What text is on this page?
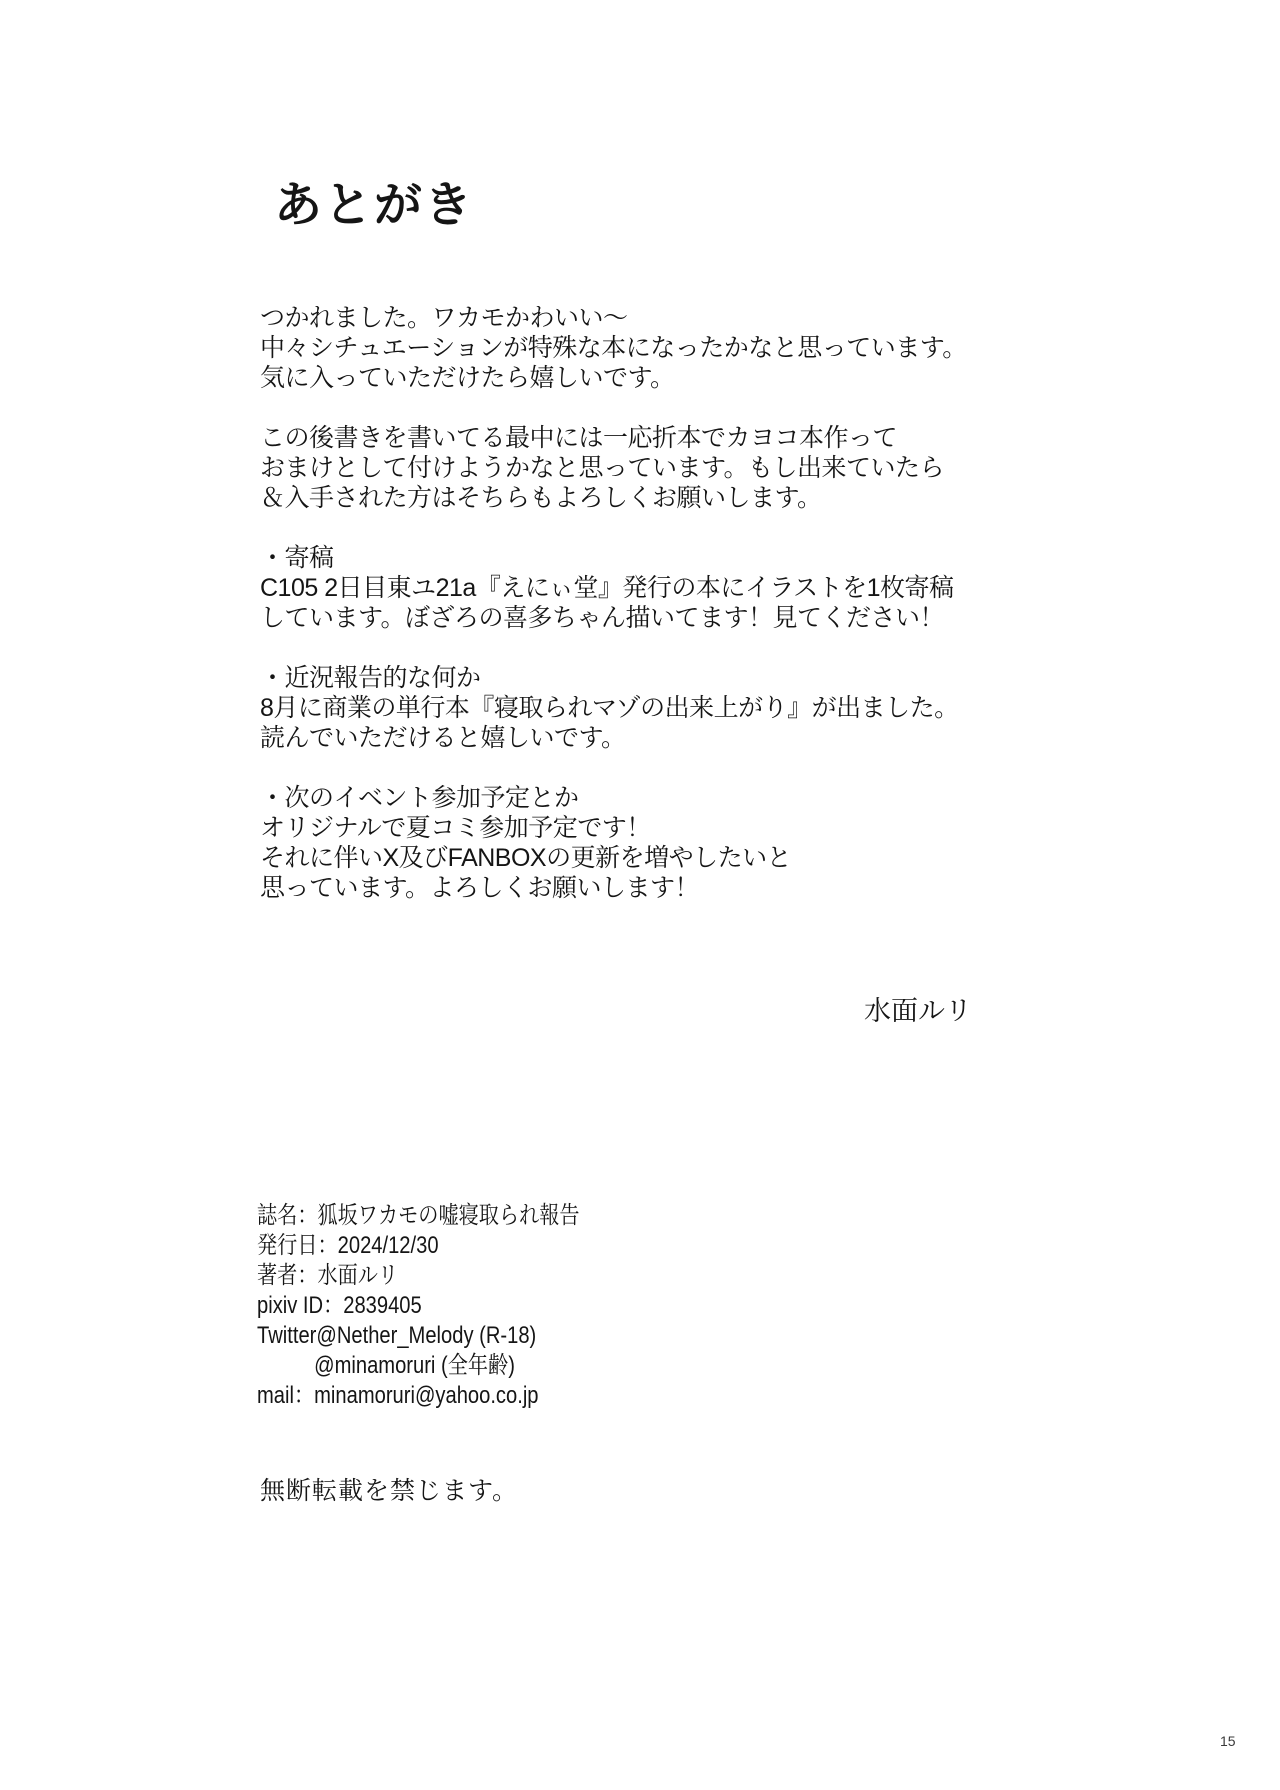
あとがき

つかれました。ワカモかわいい～
中々シチュエーションが特殊な本になったかなと思っています。
気に入っていただけたら嬉しいです。

この後書きを書いてる最中には一応折本でカヨコ本作って
おまけとして付けようかなと思っています。もし出来ていたら
＆入手された方はそちらもよろしくお願いします。

・寄稿
C105 2日目東ユ21a『えにぃ堂』発行の本にイラストを1枚寄稿
しています。ぼざろの喜多ちゃん描いてます！見てください！

・近況報告的な何か
8月に商業の単行本『寝取られマゾの出来上がり』が出ました。
読んでいただけると嬉しいです。

・次のイベント参加予定とか
オリジナルで夏コミ参加予定です！
それに伴いX及びFANBOXの更新を増やしたいと
思っています。よろしくお願いします！

水面ルリ
誌名：狐坂ワカモの嘘寝取られ報告
発行日：2024/12/30
著者：水面ルリ
pixiv ID：2839405
Twitter@Nether_Melody (R-18)
@minamoruri (全年齢)
mail：minamoruri@yahoo.co.jp
無断転載を禁じます。
15
